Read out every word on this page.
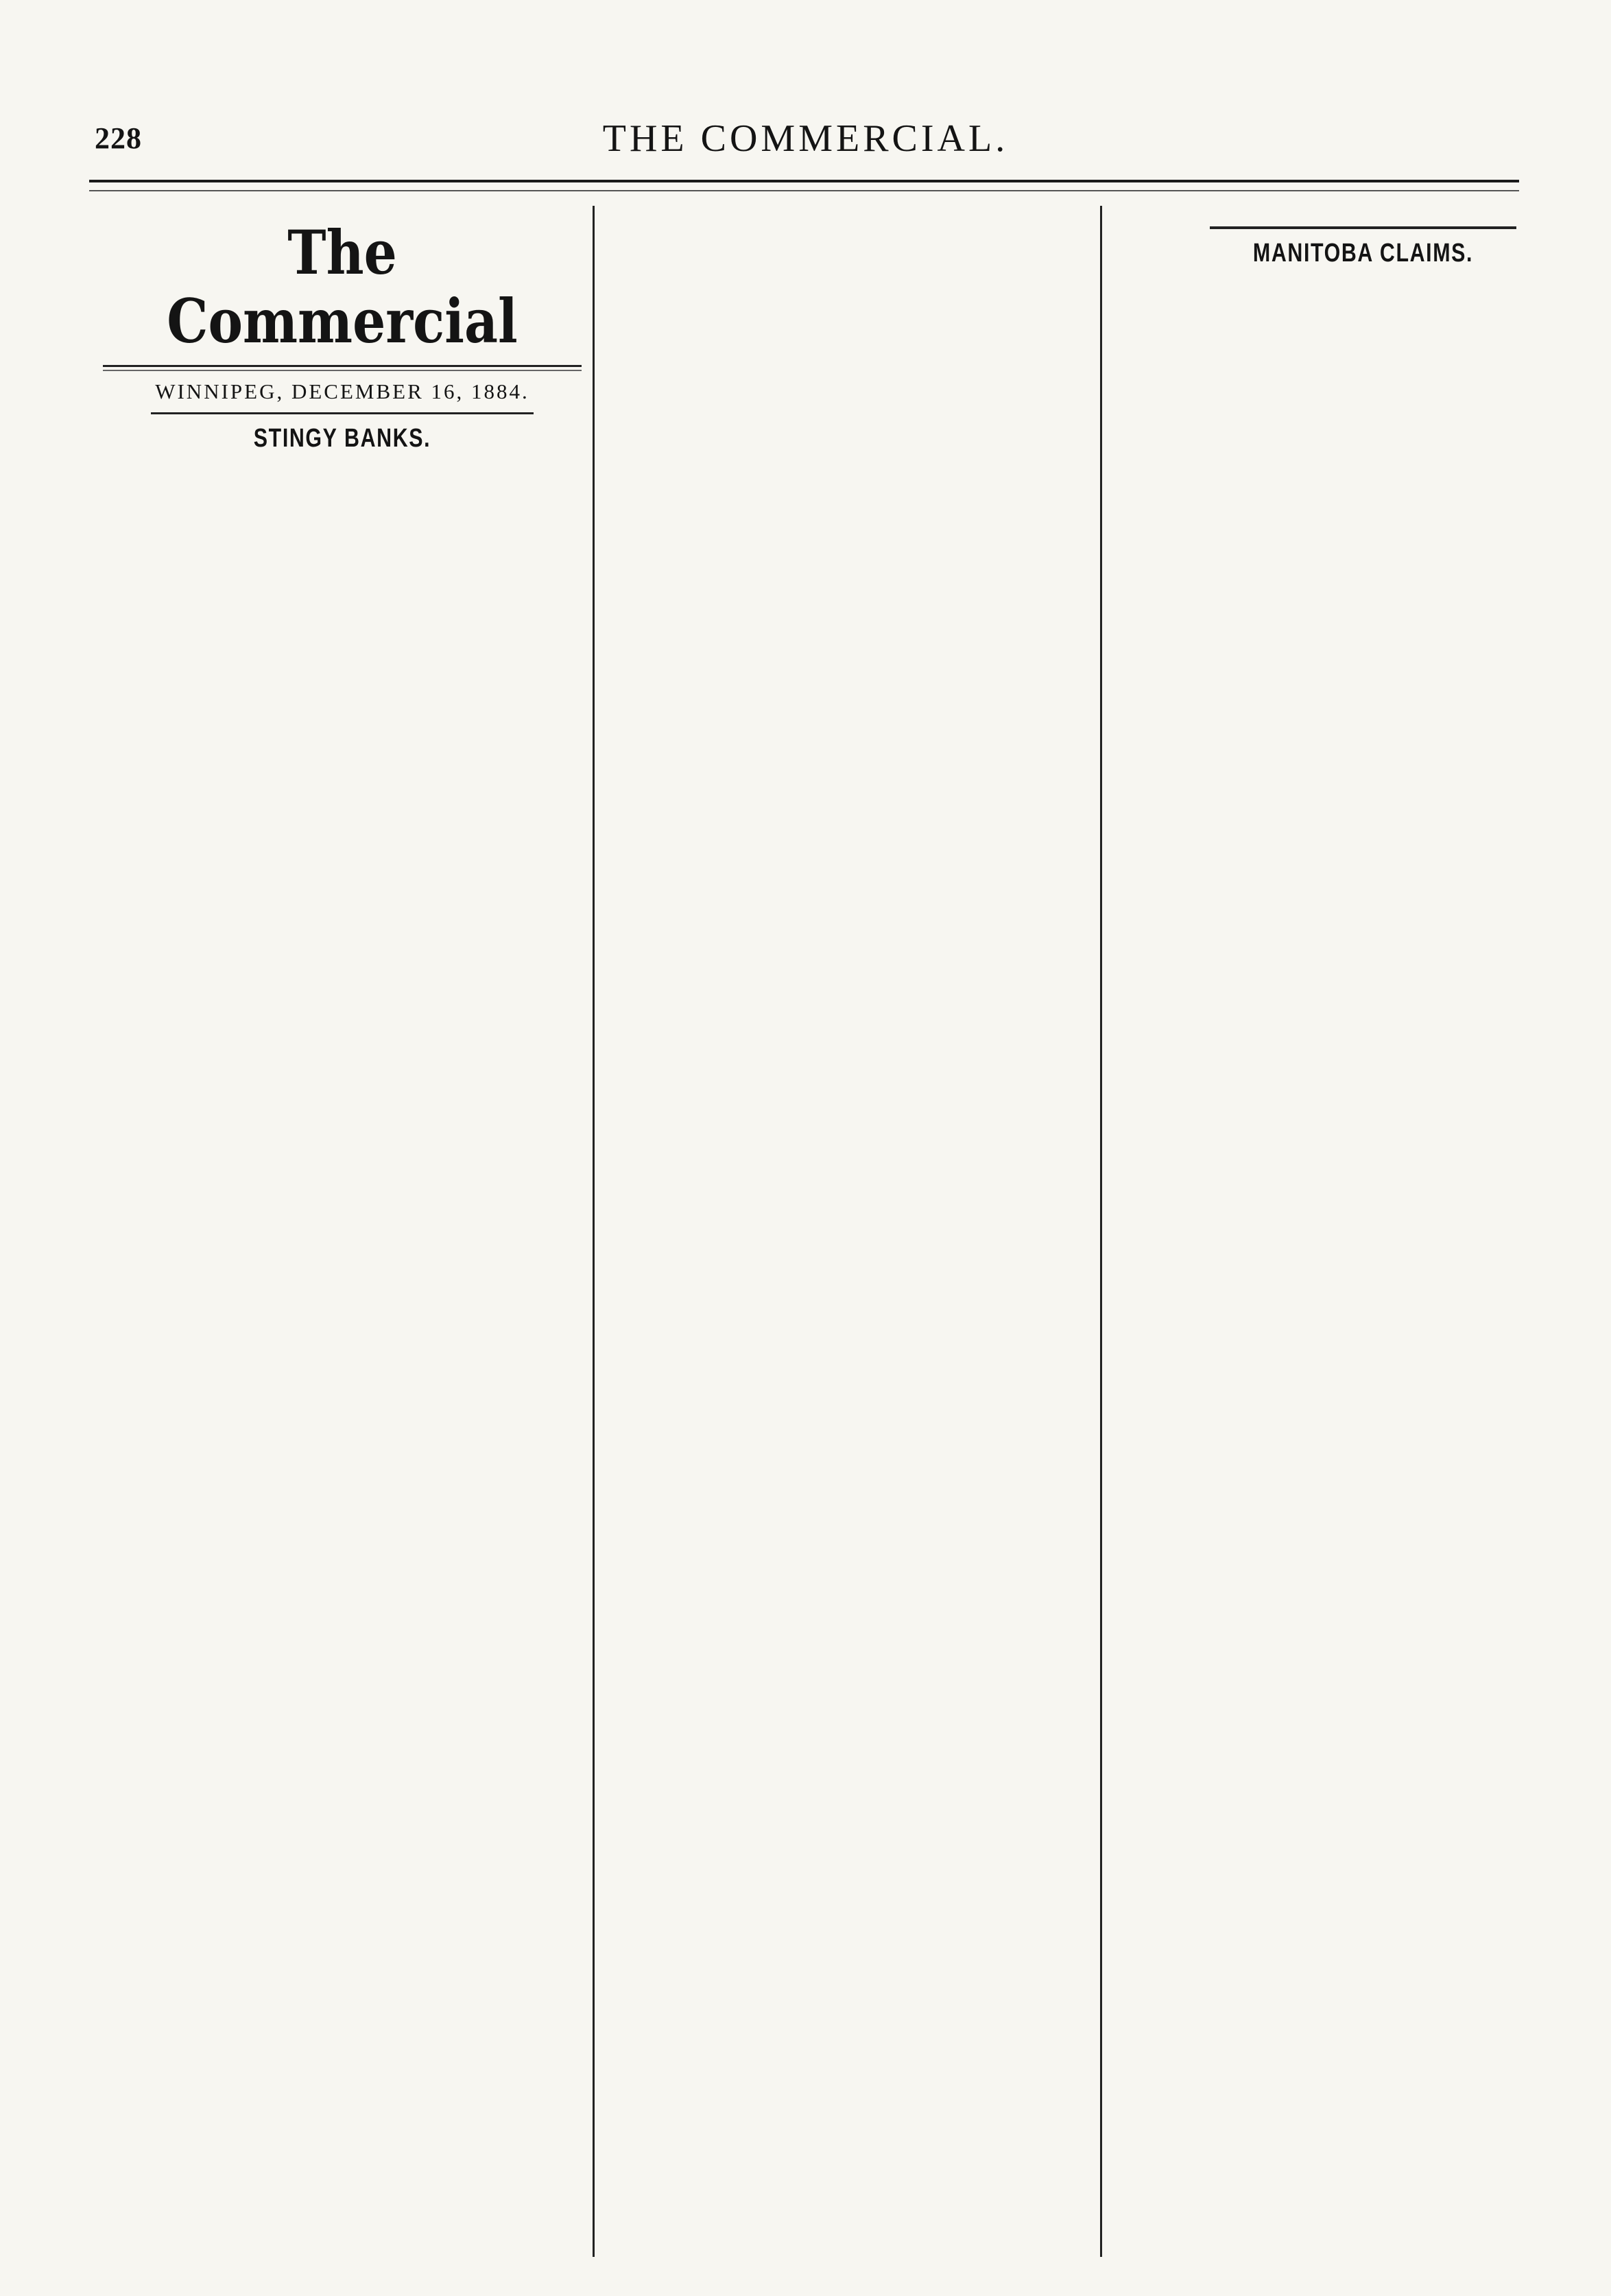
228	THE COMMERCIAL.
The Commercial
WINNIPEG, DECEMBER 16, 1884.
STINGY BANKS.
MANITOBA CLAIMS.
